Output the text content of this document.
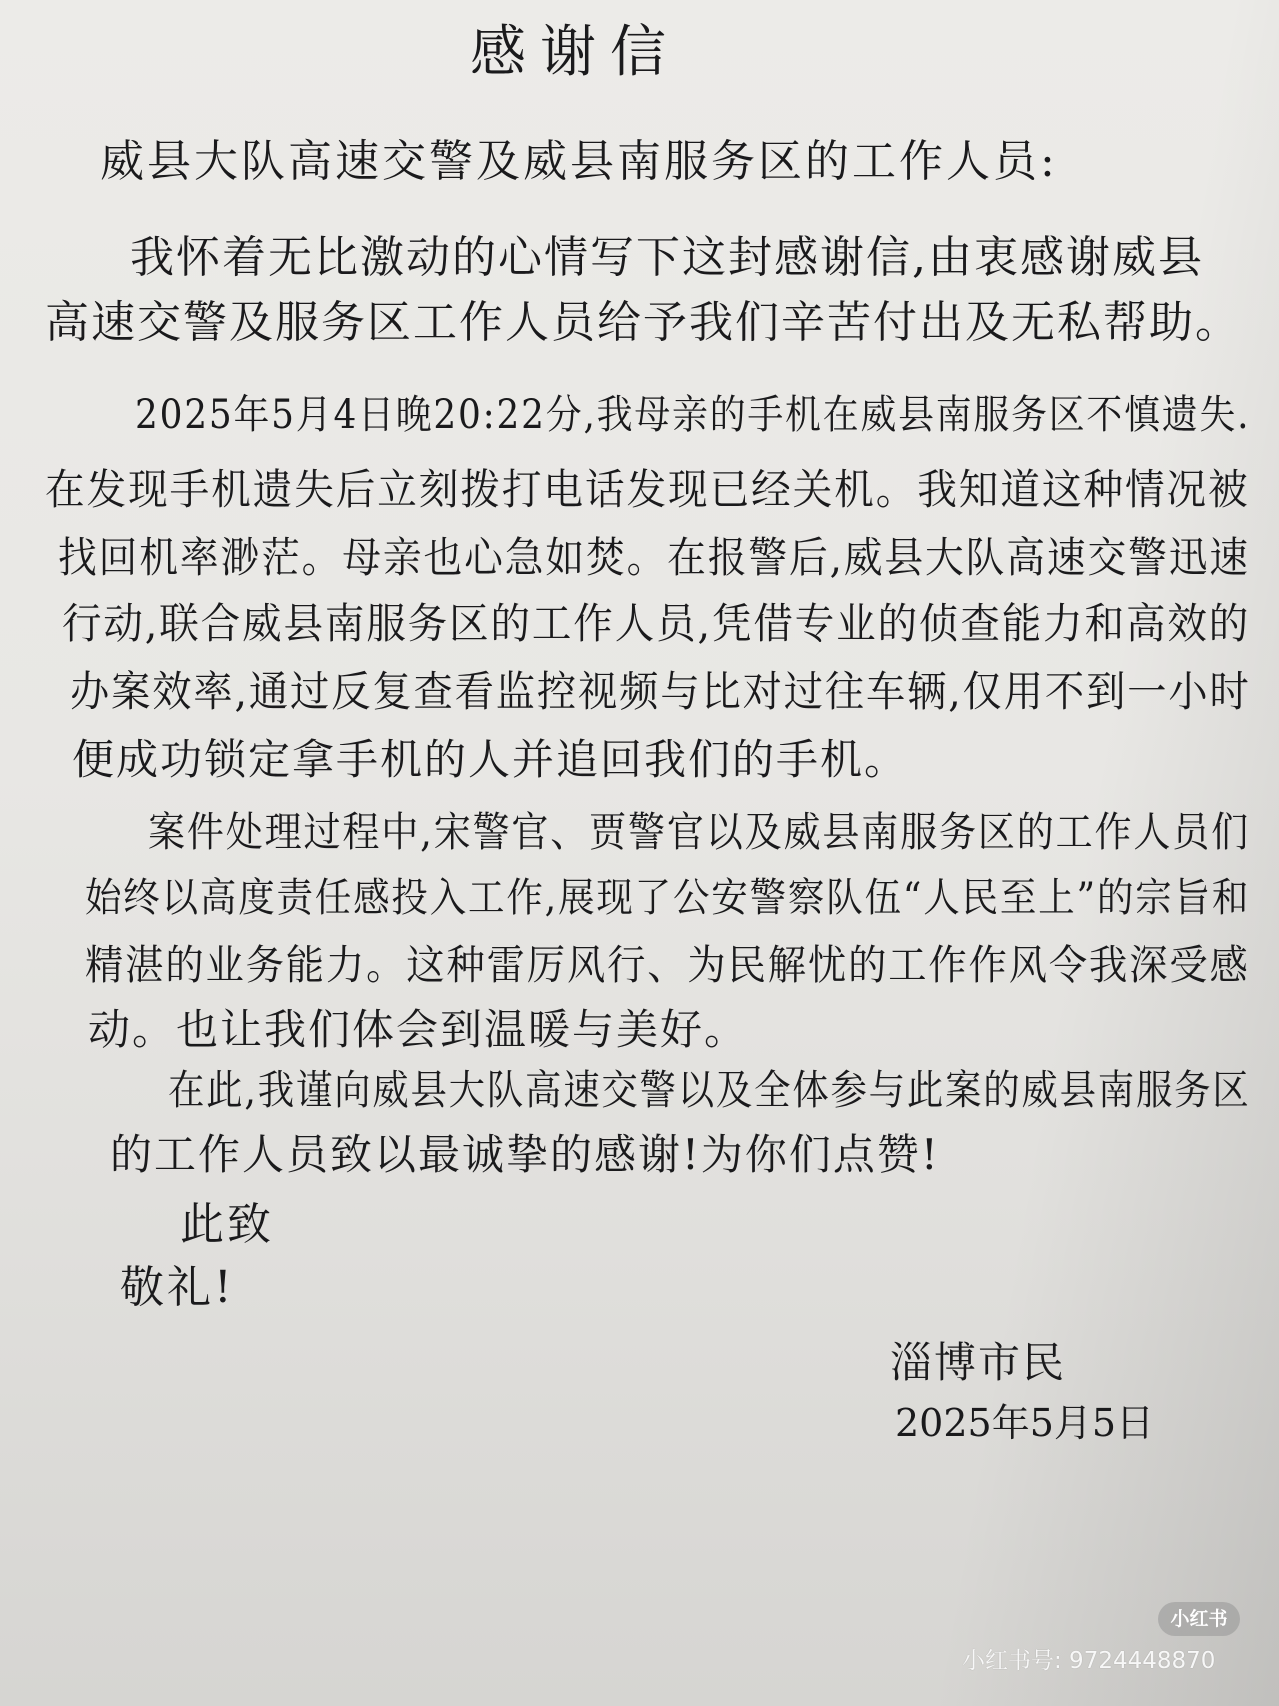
感谢信
威县大队高速交警及威县南服务区的工作人员:
我怀着无比激动的心情写下这封感谢信,由衷感谢威县
高速交警及服务区工作人员给予我们辛苦付出及无私帮助。
2025年5月4日晚20:22分,我母亲的手机在威县南服务区不慎遗失.
在发现手机遗失后立刻拨打电话发现已经关机。我知道这种情况被
找回机率渺茫。母亲也心急如焚。在报警后,威县大队高速交警迅速
行动,联合威县南服务区的工作人员,凭借专业的侦查能力和高效的
办案效率,通过反复查看监控视频与比对过往车辆,仅用不到一小时
便成功锁定拿手机的人并追回我们的手机。
案件处理过程中,宋警官、贾警官以及威县南服务区的工作人员们
始终以高度责任感投入工作,展现了公安警察队伍“人民至上”的宗旨和
精湛的业务能力。这种雷厉风行、为民解忧的工作作风令我深受感
动。也让我们体会到温暖与美好。
在此,我谨向威县大队高速交警以及全体参与此案的威县南服务区
的工作人员致以最诚挚的感谢!为你们点赞!
此致
敬礼!
淄博市民
2025年5月5日
小红书
小红书号: 9724448870
